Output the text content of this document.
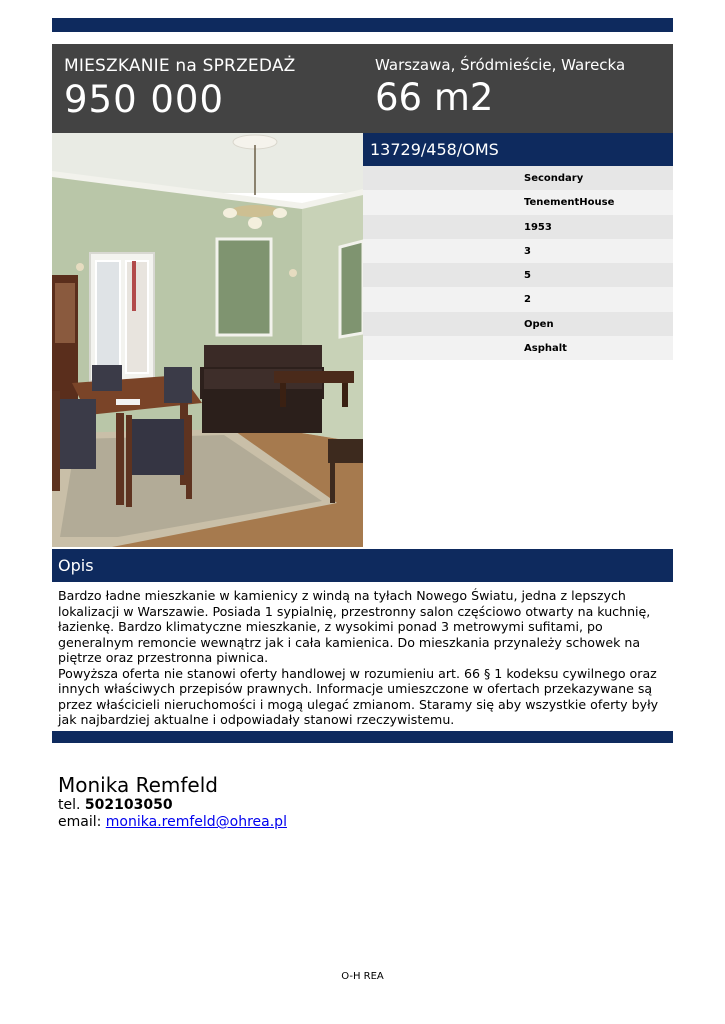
MIESZKANIE na SPRZEDAŻ
950 000
Warszawa, Śródmieście, Warecka
66 m2
13729/458/OMS
Secondary
TenementHouse
1953
3
5
2
Open
Asphalt
Opis

Bardzo ładne mieszkanie w kamienicy z windą na tyłach Nowego Światu, jedna z lepszych lokalizacji w Warszawie. Posiada 1 sypialnię, przestronny salon częściowo otwarty na kuchnię, łazienkę. Bardzo klimatyczne mieszkanie, z wysokimi ponad 3 metrowymi sufitami, po generalnym remoncie wewnątrz jak i cała kamienica. Do mieszkania przynależy schowek na piętrze oraz przestronna piwnica.

Powyższa oferta nie stanowi oferty handlowej w rozumieniu art. 66 § 1 kodeksu cywilnego oraz innych właściwych przepisów prawnych. Informacje umieszczone w ofertach przekazywane są przez właścicieli nieruchomości i mogą ulegać zmianom. Staramy się aby wszystkie oferty były jak najbardziej aktualne i odpowiadały stanowi rzeczywistemu.

Monika Remfeld
tel. 502103050
email: monika.remfeld@ohrea.pl
O-H REA
